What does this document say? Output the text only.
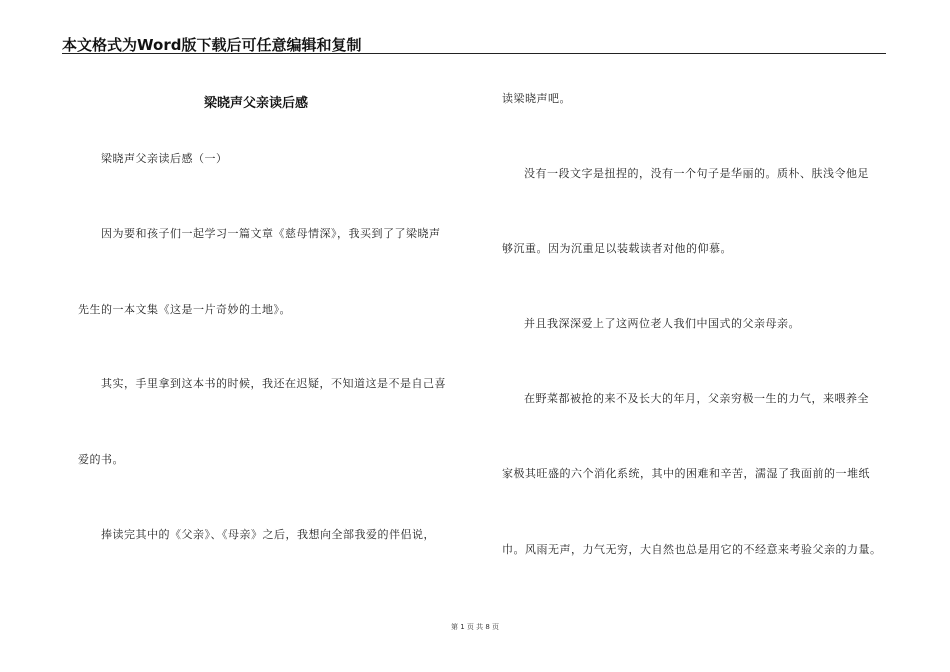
本文格式为Word版下载后可任意编辑和复制
梁晓声父亲读后感
梁晓声父亲读后感（一）
因为要和孩子们一起学习一篇文章《慈母情深》，我买到了了梁晓声
先生的一本文集《这是一片奇妙的土地》。
其实，手里拿到这本书的时候，我还在迟疑，不知道这是不是自己喜
爱的书。
捧读完其中的《父亲》、《母亲》之后，我想向全部我爱的伴侣说，
读梁晓声吧。
没有一段文字是扭捏的，没有一个句子是华丽的。质朴、肤浅令他足
够沉重。因为沉重足以装载读者对他的仰慕。
并且我深深爱上了这两位老人我们中国式的父亲母亲。
在野菜都被抢的来不及长大的年月，父亲穷极一生的力气，来喂养全
家极其旺盛的六个消化系统，其中的困难和辛苦，濡湿了我面前的一堆纸
巾。风雨无声，力气无穷，大自然也总是用它的不经意来考验父亲的力量。
第 1 页 共 8 页
